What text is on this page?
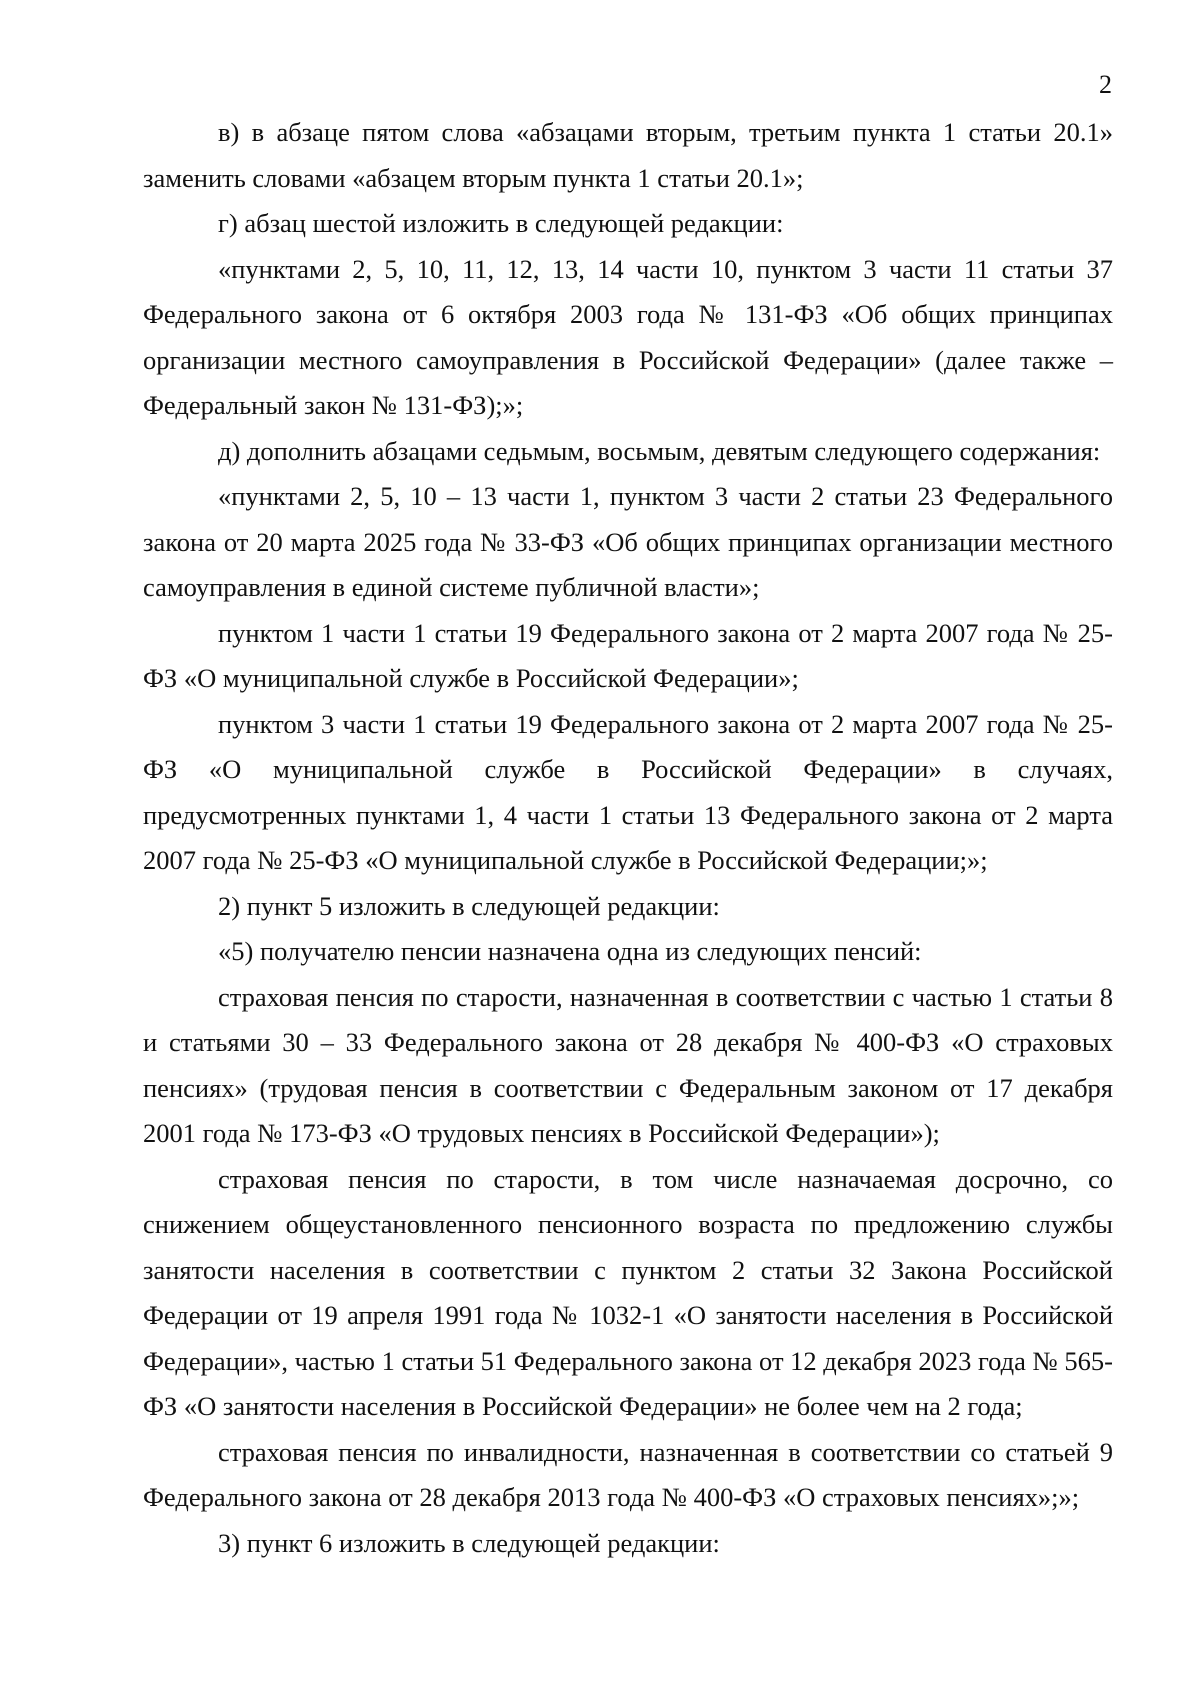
2

в) в абзаце пятом слова «абзацами вторым, третьим пункта 1 статьи 20.1» заменить словами «абзацем вторым пункта 1 статьи 20.1»;

г) абзац шестой изложить в следующей редакции:

«пунктами 2, 5, 10, 11, 12, 13, 14 части 10, пунктом 3 части 11 статьи 37 Федерального закона от 6 октября 2003 года № 131-ФЗ «Об общих принципах организации местного самоуправления в Российской Федерации» (далее также – Федеральный закон № 131-ФЗ);»;

д) дополнить абзацами седьмым, восьмым, девятым следующего содержания:

«пунктами 2, 5, 10 – 13 части 1, пунктом 3 части 2 статьи 23 Федерального закона от 20 марта 2025 года № 33-ФЗ «Об общих принципах организации местного самоуправления в единой системе публичной власти»;

пунктом 1 части 1 статьи 19 Федерального закона от 2 марта 2007 года № 25-ФЗ «О муниципальной службе в Российской Федерации»;

пунктом 3 части 1 статьи 19 Федерального закона от 2 марта 2007 года № 25-ФЗ «О муниципальной службе в Российской Федерации» в случаях, предусмотренных пунктами 1, 4 части 1 статьи 13 Федерального закона от 2 марта 2007 года № 25-ФЗ «О муниципальной службе в Российской Федерации;»;

2) пункт 5 изложить в следующей редакции:

«5) получателю пенсии назначена одна из следующих пенсий:

страховая пенсия по старости, назначенная в соответствии с частью 1 статьи 8 и статьями 30 – 33 Федерального закона от 28 декабря № 400-ФЗ «О страховых пенсиях» (трудовая пенсия в соответствии с Федеральным законом от 17 декабря 2001 года № 173-ФЗ «О трудовых пенсиях в Российской Федерации»);

страховая пенсия по старости, в том числе назначаемая досрочно, со снижением общеустановленного пенсионного возраста по предложению службы занятости населения в соответствии с пунктом 2 статьи 32 Закона Российской Федерации от 19 апреля 1991 года № 1032-1 «О занятости населения в Российской Федерации», частью 1 статьи 51 Федерального закона от 12 декабря 2023 года № 565-ФЗ «О занятости населения в Российской Федерации» не более чем на 2 года;

страховая пенсия по инвалидности, назначенная в соответствии со статьей 9 Федерального закона от 28 декабря 2013 года № 400-ФЗ «О страховых пенсиях»;»;

3) пункт 6 изложить в следующей редакции:
